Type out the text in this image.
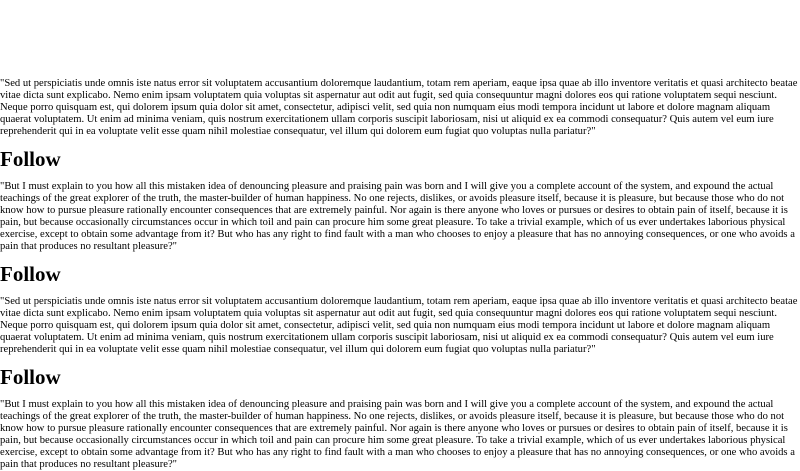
"Sed ut perspiciatis unde omnis iste natus error sit voluptatem accusantium doloremque laudantium, totam rem aperiam, eaque ipsa quae ab illo inventore veritatis et quasi architecto beatae vitae dicta sunt explicabo. Nemo enim ipsam voluptatem quia voluptas sit aspernatur aut odit aut fugit, sed quia consequuntur magni dolores eos qui ratione voluptatem sequi nesciunt. Neque porro quisquam est, qui dolorem ipsum quia dolor sit amet, consectetur, adipisci velit, sed quia non numquam eius modi tempora incidunt ut labore et dolore magnam aliquam quaerat voluptatem. Ut enim ad minima veniam, quis nostrum exercitationem ullam corporis suscipit laboriosam, nisi ut aliquid ex ea commodi consequatur? Quis autem vel eum iure reprehenderit qui in ea voluptate velit esse quam nihil molestiae consequatur, vel illum qui dolorem eum fugiat quo voluptas nulla pariatur?"

Follow

"But I must explain to you how all this mistaken idea of denouncing pleasure and praising pain was born and I will give you a complete account of the system, and expound the actual teachings of the great explorer of the truth, the master-builder of human happiness. No one rejects, dislikes, or avoids pleasure itself, because it is pleasure, but because those who do not know how to pursue pleasure rationally encounter consequences that are extremely painful. Nor again is there anyone who loves or pursues or desires to obtain pain of itself, because it is pain, but because occasionally circumstances occur in which toil and pain can procure him some great pleasure. To take a trivial example, which of us ever undertakes laborious physical exercise, except to obtain some advantage from it? But who has any right to find fault with a man who chooses to enjoy a pleasure that has no annoying consequences, or one who avoids a pain that produces no resultant pleasure?"

Follow

"Sed ut perspiciatis unde omnis iste natus error sit voluptatem accusantium doloremque laudantium, totam rem aperiam, eaque ipsa quae ab illo inventore veritatis et quasi architecto beatae vitae dicta sunt explicabo. Nemo enim ipsam voluptatem quia voluptas sit aspernatur aut odit aut fugit, sed quia consequuntur magni dolores eos qui ratione voluptatem sequi nesciunt. Neque porro quisquam est, qui dolorem ipsum quia dolor sit amet, consectetur, adipisci velit, sed quia non numquam eius modi tempora incidunt ut labore et dolore magnam aliquam quaerat voluptatem. Ut enim ad minima veniam, quis nostrum exercitationem ullam corporis suscipit laboriosam, nisi ut aliquid ex ea commodi consequatur? Quis autem vel eum iure reprehenderit qui in ea voluptate velit esse quam nihil molestiae consequatur, vel illum qui dolorem eum fugiat quo voluptas nulla pariatur?"

Follow

"But I must explain to you how all this mistaken idea of denouncing pleasure and praising pain was born and I will give you a complete account of the system, and expound the actual teachings of the great explorer of the truth, the master-builder of human happiness. No one rejects, dislikes, or avoids pleasure itself, because it is pleasure, but because those who do not know how to pursue pleasure rationally encounter consequences that are extremely painful. Nor again is there anyone who loves or pursues or desires to obtain pain of itself, because it is pain, but because occasionally circumstances occur in which toil and pain can procure him some great pleasure. To take a trivial example, which of us ever undertakes laborious physical exercise, except to obtain some advantage from it? But who has any right to find fault with a man who chooses to enjoy a pleasure that has no annoying consequences, or one who avoids a pain that produces no resultant pleasure?"
